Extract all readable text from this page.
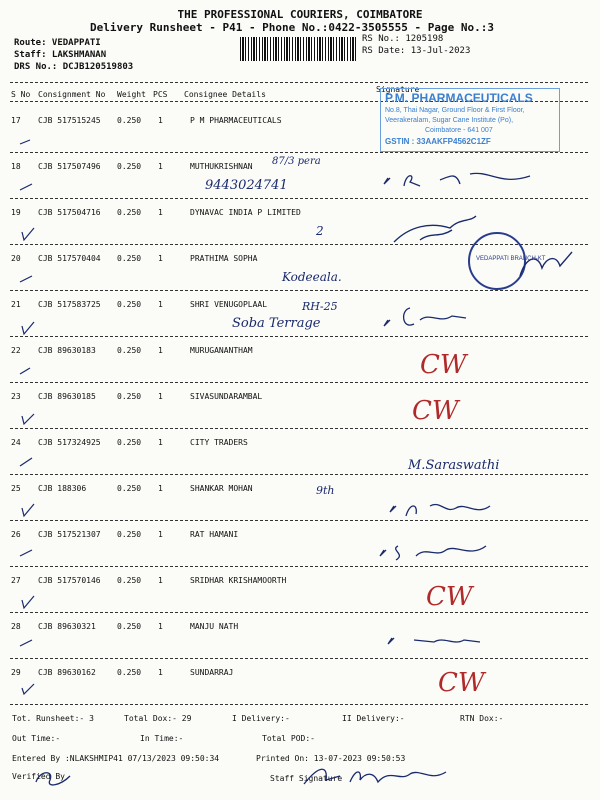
THE PROFESSIONAL COURIERS, COIMBATORE
Delivery Runsheet - P41 - Phone No.:0422-3505555 - Page No.:3
Route: VEDAPPATI
Staff: LAKSHMANAN
DRS No.: DCJB120519803
RS No.: 1205198
RS Date: 13-Jul-2023
S No Consignment No Weight PCS Consignee Details
Signature
17 CJB 517515245 0.250 1	P M PHARMACEUTICALS
18 CJB 517507496 0.250 1	MUTHUKRISHNAN
19 CJB 517504716 0.250 1	DYNAVAC INDIA P LIMITED
20 CJB 517570404 0.250 1	PRATHIMA SOPHA
21 CJB 517583725 0.250 1	SHRI VENUGOPLAAL
22 CJB 89630183	0.250 1	MURUGANANTHAM
23 CJB 89630185	0.250 1	SIVASUNDARAMBAL
24 CJB 517324925 0.250 1	CITY TRADERS
25 CJB 188306	0.250 1	SHANKAR MOHAN
26 CJB 517521307 0.250 1	RAT HAMANI
27 CJB 517570146 0.250 1	SRIDHAR KRISHAMOORTH
28 CJB 89630321	0.250 1	MANJU NATH
29 CJB 89630162	0.250 1	SUNDARRAJ
P.M. PHARMACEUTICALS
No.8, Thai Nagar, Ground Floor & First Floor,
Veerakeralam, Sugar Cane Institute (Po),
Coimbatore - 641 007
GSTIN : 33AAKFP4562C1ZF
87/3 pera
9443024741
2
VEDAPPATI BRANCH-KT
Kodeeala.
RH-25
Soba Terrage
CW
CW
M.Saraswathi
9th
CW
CW
Tot. Runsheet:- 3	Total Dox:- 29	I Delivery:-	II Delivery:-	RTN Dox:-
Out Time:-	In Time:-	Total POD:-
Entered By :NLAKSHMIP41 07/13/2023 09:50:34	Printed On: 13-07-2023 09:50:53
Verified By	Staff Signature
